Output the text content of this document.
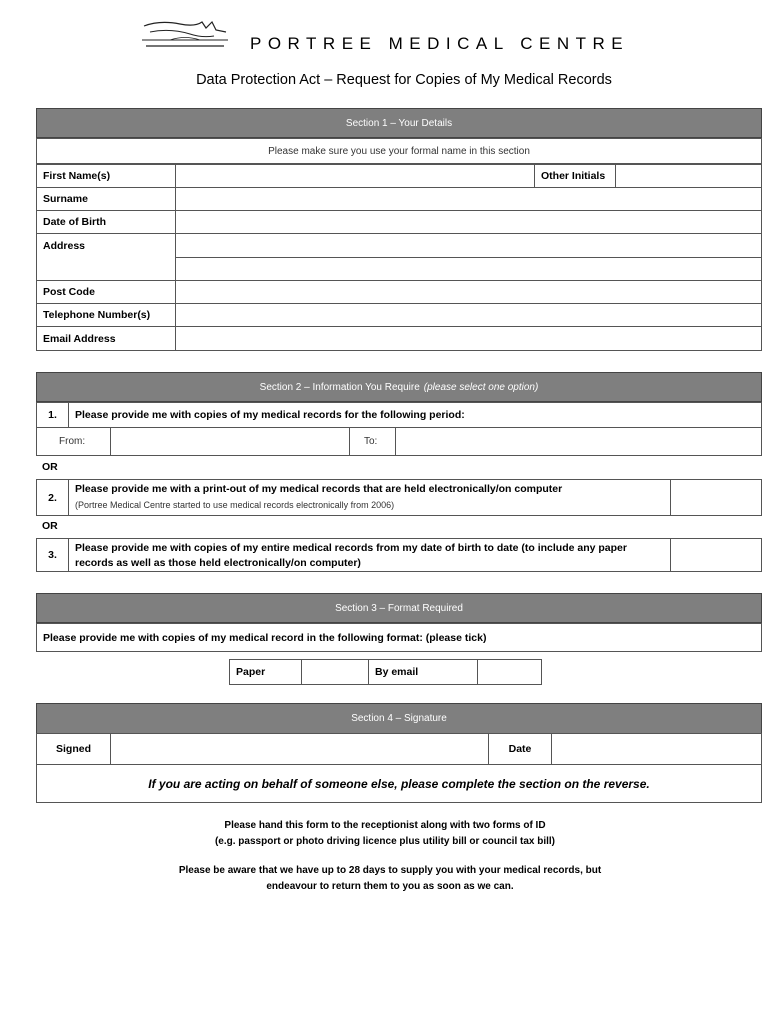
PORTREE MEDICAL CENTRE
Data Protection Act – Request for Copies of My Medical Records
Section 1 – Your Details
Please make sure you use your formal name in this section
First Name(s)	Other Initials
Surname
Date of Birth
Address
Post Code
Telephone Number(s)
Email Address
Section 2 – Information You Require (please select one option)
1.	Please provide me with copies of my medical records for the following period:
From:	To:
OR
2.
Please provide me with a print-out of my medical records that are held electronically/on computer
(Portree Medical Centre started to use medical records electronically from 2006)
OR
3.
Please provide me with copies of my entire medical records from my date of birth to date (to include any paper
records as well as those held electronically/on computer)
Section 3 – Format Required
Please provide me with copies of my medical record in the following format: (please tick)
Paper	By email
Section 4 – Signature
Signed	Date
If you are acting on behalf of someone else, please complete the section on the reverse.
Please hand this form to the receptionist along with two forms of ID
(e.g. passport or photo driving licence plus utility bill or council tax bill)
Please be aware that we have up to 28 days to supply you with your medical records, but
endeavour to return them to you as soon as we can.
